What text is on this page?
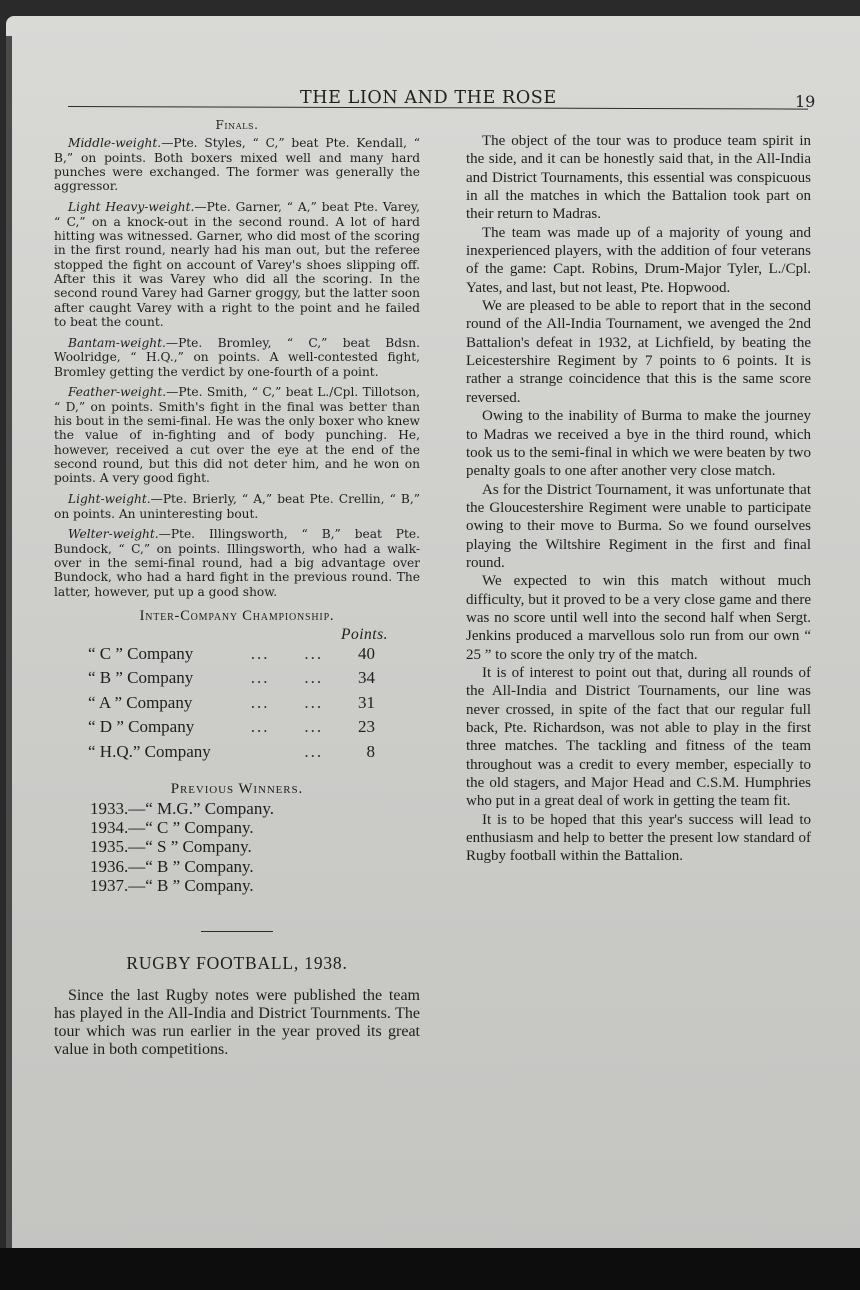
THE LION AND THE ROSE	19
Finals.

Middle-weight.—Pte. Styles, “ C,” beat Pte. Kendall, “ B,” on points. Both boxers mixed well and many hard punches were exchanged. The former was generally the aggressor.

Light Heavy-weight.—Pte. Garner, “ A,” beat Pte. Varey, “ C,” on a knock-out in the second round. A lot of hard hitting was witnessed. Garner, who did most of the scoring in the first round, nearly had his man out, but the referee stopped the fight on account of Varey's shoes slipping off. After this it was Varey who did all the scoring. In the second round Varey had Garner groggy, but the latter soon after caught Varey with a right to the point and he failed to beat the count.

Bantam-weight.—Pte. Bromley, “ C,” beat Bdsn. Woolridge, “ H.Q.,” on points. A well-contested fight, Bromley getting the verdict by one-fourth of a point.

Feather-weight.—Pte. Smith, “ C,” beat L./Cpl. Tillotson, “ D,” on points. Smith's fight in the final was better than his bout in the semi-final. He was the only boxer who knew the value of in-fighting and of body punching. He, however, received a cut over the eye at the end of the second round, but this did not deter him, and he won on points. A very good fight.

Light-weight.—Pte. Brierly, “ A,” beat Pte. Crellin, “ B,” on points. An uninteresting bout.

Welter-weight.—Pte. Illingsworth, “ B,” beat Pte. Bundock, “ C,” on points. Illingsworth, who had a walk-over in the semi-final round, had a big advantage over Bundock, who had a hard fight in the previous round. The latter, however, put up a good show.

Inter-Company Championship.
Points.
“ C ” Company	...	...	40
“ B ” Company	...	...	34
“ A ” Company	...	...	31
“ D ” Company	...	...	23
“ H.Q.” Company		...	8
Previous Winners.
1933.—“ M.G.” Company.
1934.—“ C ” Company.
1935.—“ S ” Company.
1936.—“ B ” Company.
1937.—“ B ” Company.
RUGBY FOOTBALL, 1938.

Since the last Rugby notes were published the team has played in the All-India and District Tournments. The tour which was run earlier in the year proved its great value in both competitions.

The object of the tour was to produce team spirit in the side, and it can be honestly said that, in the All-India and District Tournaments, this essential was conspicuous in all the matches in which the Battalion took part on their return to Madras.

The team was made up of a majority of young and inexperienced players, with the addition of four veterans of the game: Capt. Robins, Drum-Major Tyler, L./Cpl. Yates, and last, but not least, Pte. Hopwood.

We are pleased to be able to report that in the second round of the All-India Tournament, we avenged the 2nd Battalion's defeat in 1932, at Lichfield, by beating the Leicestershire Regiment by 7 points to 6 points. It is rather a strange coincidence that this is the same score reversed.

Owing to the inability of Burma to make the journey to Madras we received a bye in the third round, which took us to the semi-final in which we were beaten by two penalty goals to one after another very close match.

As for the District Tournament, it was unfortunate that the Gloucestershire Regiment were unable to participate owing to their move to Burma. So we found ourselves playing the Wiltshire Regiment in the first and final round.

We expected to win this match without much difficulty, but it proved to be a very close game and there was no score until well into the second half when Sergt. Jenkins produced a marvellous solo run from our own “ 25 ” to score the only try of the match.

It is of interest to point out that, during all rounds of the All-India and District Tournaments, our line was never crossed, in spite of the fact that our regular full back, Pte. Richardson, was not able to play in the first three matches. The tackling and fitness of the team throughout was a credit to every member, especially to the old stagers, and Major Head and C.S.M. Humphries who put in a great deal of work in getting the team fit.

It is to be hoped that this year's success will lead to enthusiasm and help to better the present low standard of Rugby football within the Battalion.
